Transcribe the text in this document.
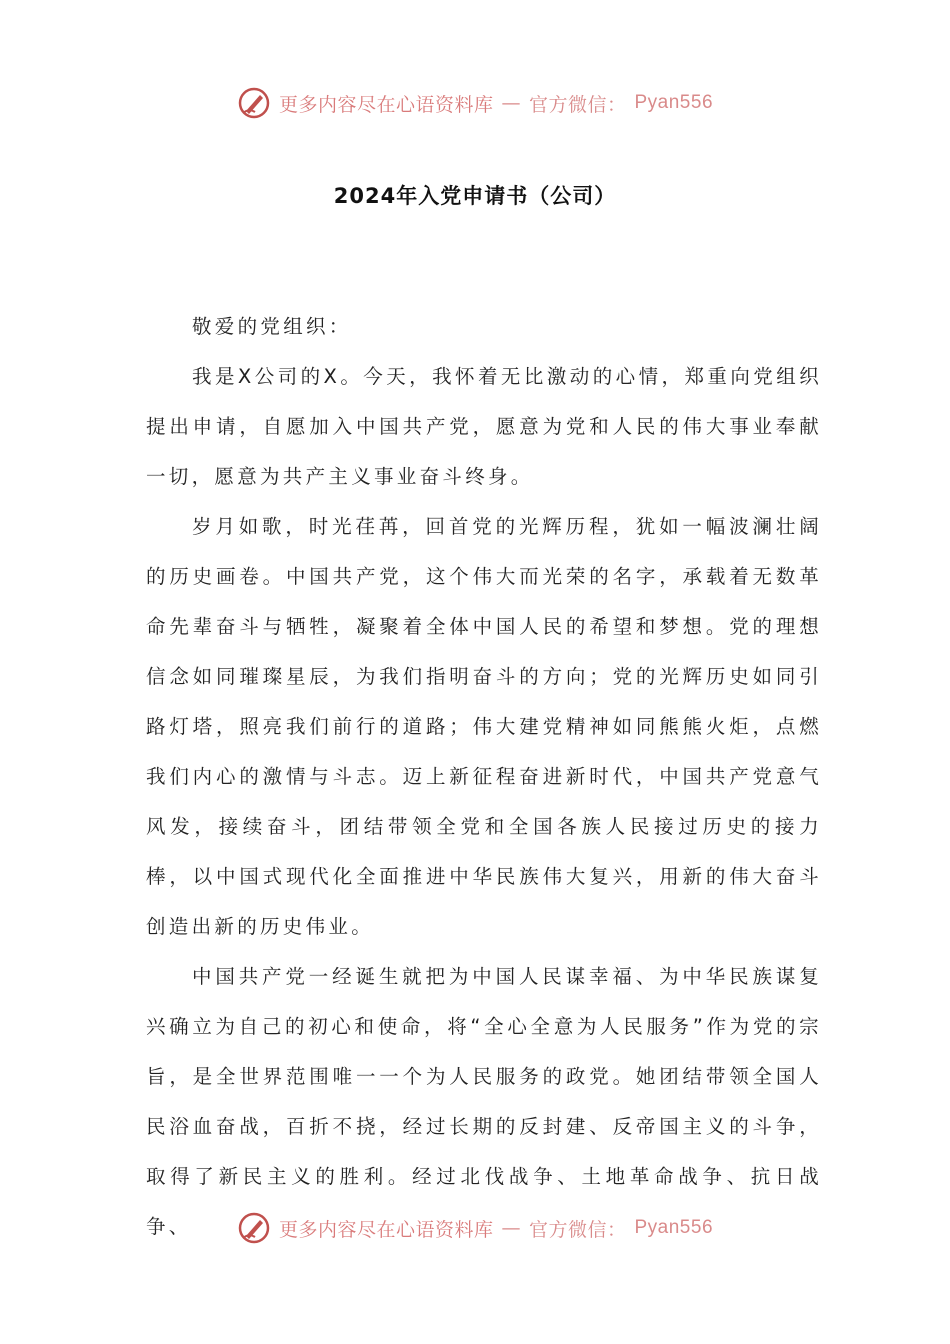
更多内容尽在心语资料库 — 官方微信： Pyan556
2024年入党申请书（公司）

敬爱的党组织：

我是X公司的X。今天，我怀着无比激动的心情，郑重向党组织提出申请，自愿加入中国共产党，愿意为党和人民的伟大事业奉献一切，愿意为共产主义事业奋斗终身。

岁月如歌，时光荏苒，回首党的光辉历程，犹如一幅波澜壮阔的历史画卷。中国共产党，这个伟大而光荣的名字，承载着无数革命先辈奋斗与牺牲，凝聚着全体中国人民的希望和梦想。党的理想信念如同璀璨星辰，为我们指明奋斗的方向；党的光辉历史如同引路灯塔，照亮我们前行的道路；伟大建党精神如同熊熊火炬，点燃我们内心的激情与斗志。迈上新征程奋进新时代，中国共产党意气风发，接续奋斗，团结带领全党和全国各族人民接过历史的接力棒，以中国式现代化全面推进中华民族伟大复兴，用新的伟大奋斗创造出新的历史伟业。

中国共产党一经诞生就把为中国人民谋幸福、为中华民族谋复兴确立为自己的初心和使命，将“全心全意为人民服务”作为党的宗旨，是全世界范围唯一一个为人民服务的政党。她团结带领全国人民浴血奋战，百折不挠，经过长期的反封建、反帝国主义的斗争，取得了新民主义的胜利。经过北伐战争、土地革命战争、抗日战争、	更多内容尽在心语资料库 — 官方微信： Pyan556
